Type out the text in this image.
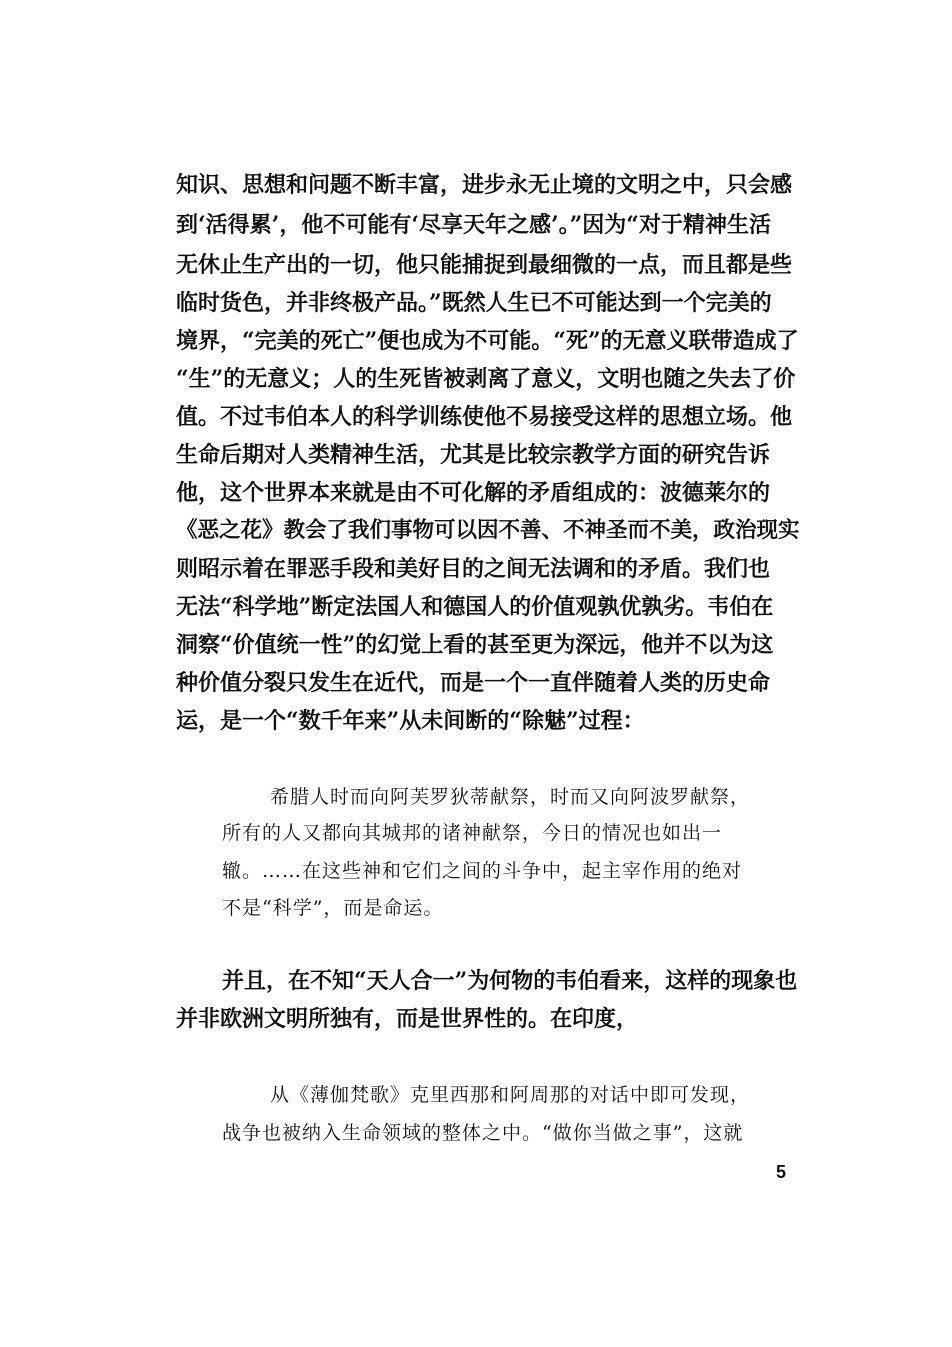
知识、思想和问题不断丰富，进步永无止境的文明之中，只会感
到‘活得累’，他不可能有‘尽享天年之感’。”因为“对于精神生活
无休止生产出的一切，他只能捕捉到最细微的一点，而且都是些
临时货色，并非终极产品。”既然人生已不可能达到一个完美的
境界，“完美的死亡”便也成为不可能。“死”的无意义联带造成了
“生”的无意义；人的生死皆被剥离了意义，文明也随之失去了价
值。不过韦伯本人的科学训练使他不易接受这样的思想立场。他
生命后期对人类精神生活，尤其是比较宗教学方面的研究告诉
他，这个世界本来就是由不可化解的矛盾组成的：波德莱尔的
《恶之花》教会了我们事物可以因不善、不神圣而不美，政治现实
则昭示着在罪恶手段和美好目的之间无法调和的矛盾。我们也
无法“科学地”断定法国人和德国人的价值观孰优孰劣。韦伯在
洞察“价值统一性”的幻觉上看的甚至更为深远，他并不以为这
种价值分裂只发生在近代，而是一个一直伴随着人类的历史命
运，是一个“数千年来”从未间断的“除魅”过程：
希腊人时而向阿芙罗狄蒂献祭，时而又向阿波罗献祭，
所有的人又都向其城邦的诸神献祭，今日的情况也如出一
辙。……在这些神和它们之间的斗争中，起主宰作用的绝对
不是“科学”，而是命运。
并且，在不知“天人合一”为何物的韦伯看来，这样的现象也
并非欧洲文明所独有，而是世界性的。在印度，
从《薄伽梵歌》克里西那和阿周那的对话中即可发现，
战争也被纳入生命领域的整体之中。“做你当做之事”，这就
5
